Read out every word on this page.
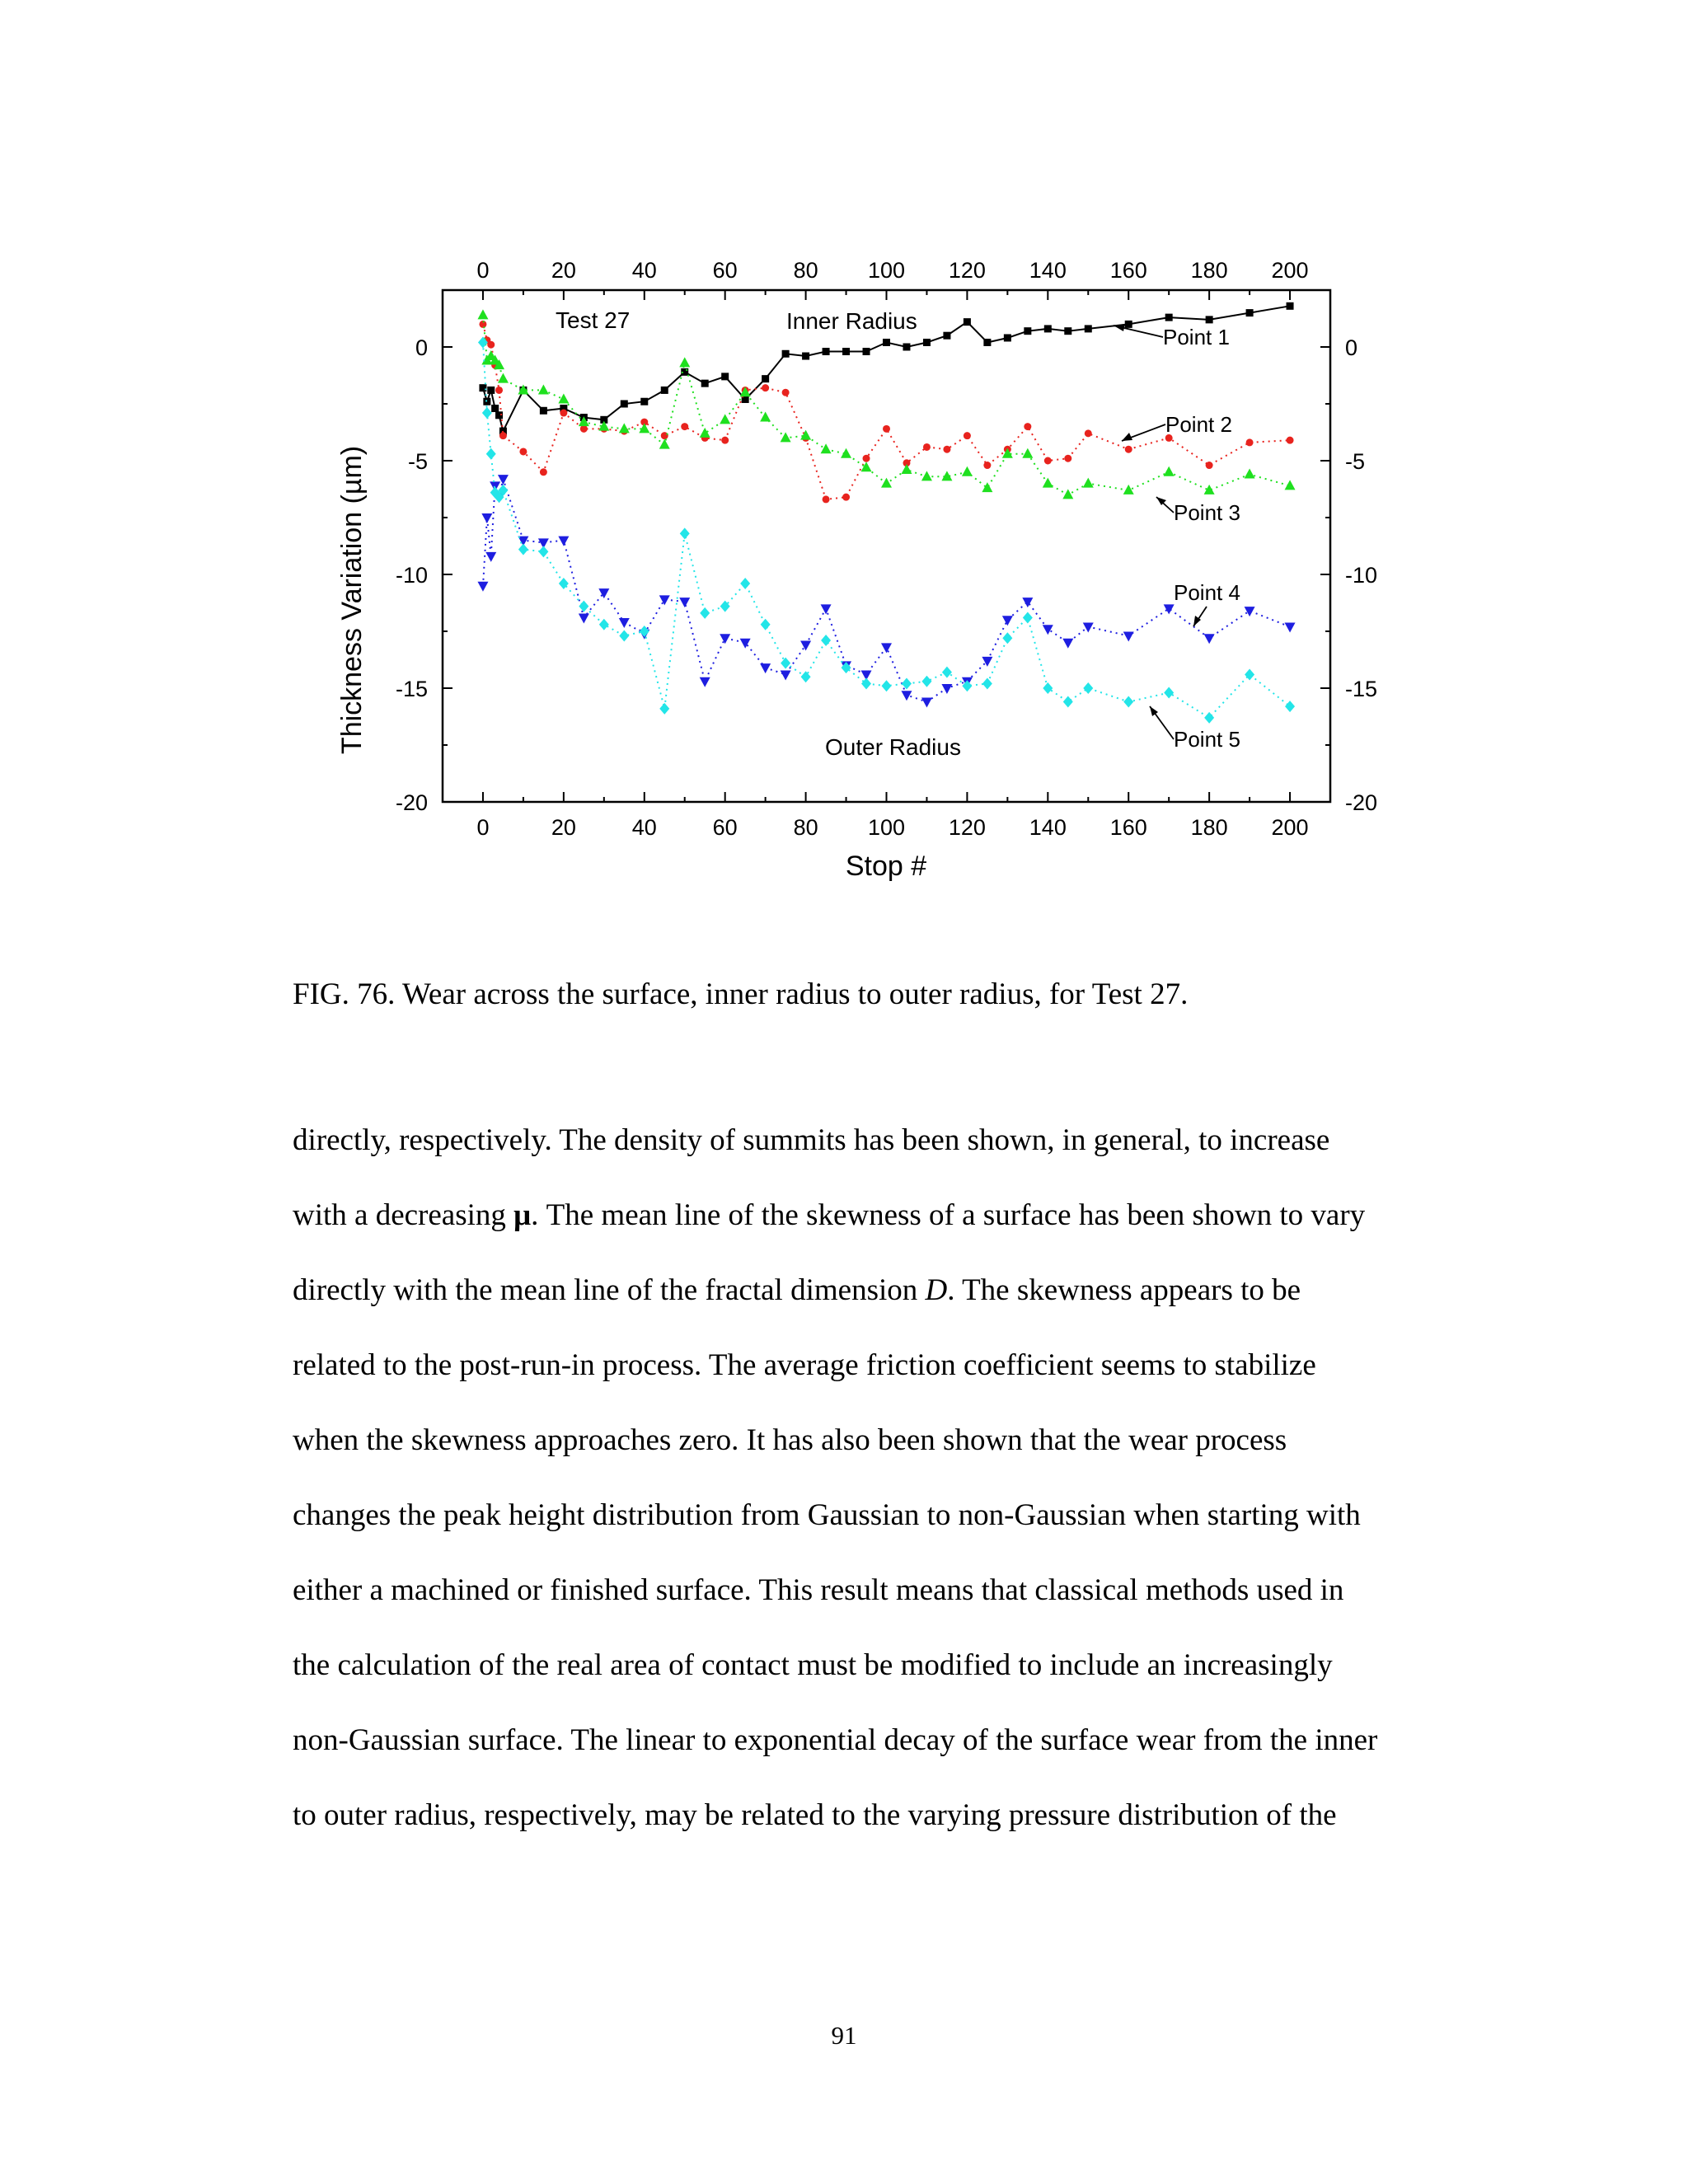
0
0
20
20
40
40
60
60
80
80
100
100
120
120
140
140
160
160
180
180
200
200
0	0
-5	-5
-10	-10
-15	-15
-20	-20
Stop #
Thickness Variation (µm)
Test 27	Inner Radius
Outer Radius
Point 1
Point 2
Point 3
Point 4
Point 5
FIG. 76. Wear across the surface, inner radius to outer radius, for Test 27.
directly, respectively. The density of summits has been shown, in general, to increase
with a decreasing μ. The mean line of the skewness of a surface has been shown to vary
directly with the mean line of the fractal dimension D. The skewness appears to be
related to the post-run-in process. The average friction coefficient seems to stabilize
when the skewness approaches zero. It has also been shown that the wear process
changes the peak height distribution from Gaussian to non-Gaussian when starting with
either a machined or finished surface. This result means that classical methods used in
the calculation of the real area of contact must be modified to include an increasingly
non-Gaussian surface. The linear to exponential decay of the surface wear from the inner
to outer radius, respectively, may be related to the varying pressure distribution of the
91
